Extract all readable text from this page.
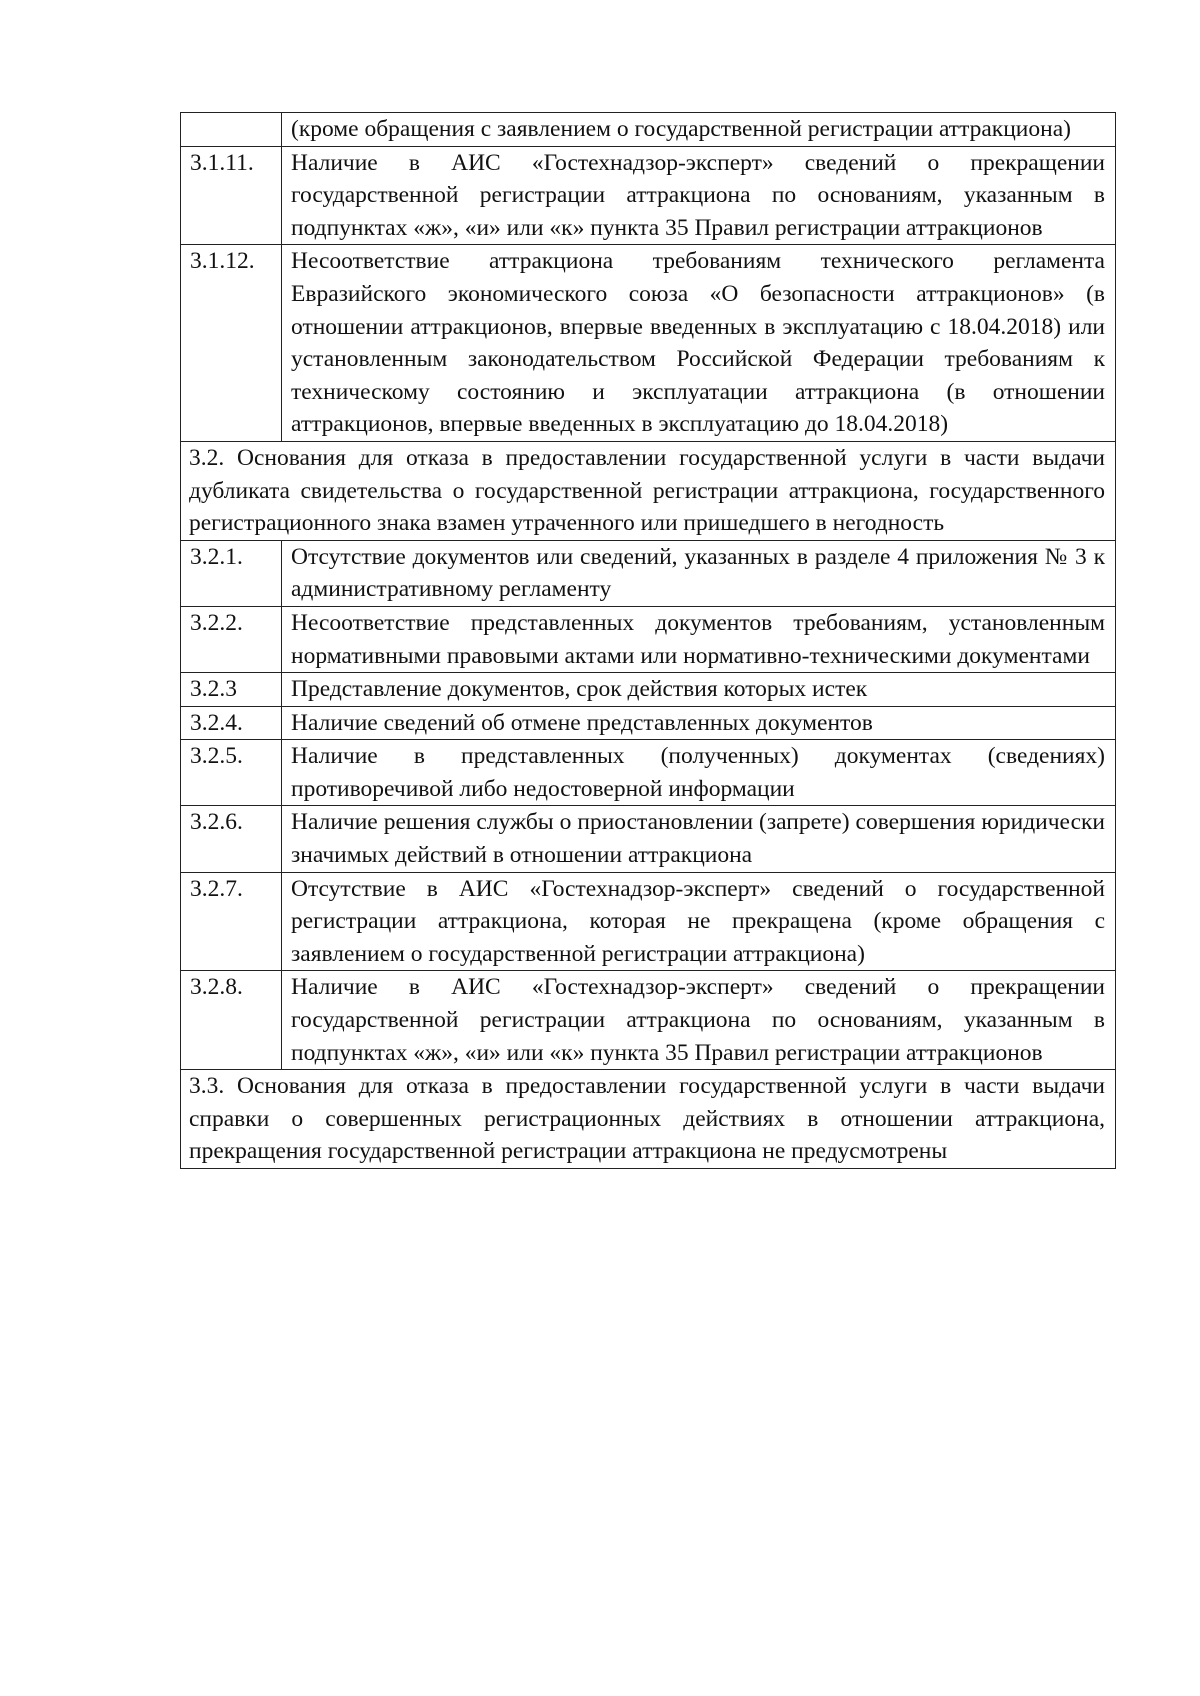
	(кроме обращения с заявлением о государственной регистрации аттракциона)
3.1.11.	Наличие в АИС «Гостехнадзор-эксперт» сведений о прекращении государственной регистрации аттракциона по основаниям, указанным в подпунктах «ж», «и» или «к» пункта 35 Правил регистрации аттракционов
3.1.12.	Несоответствие аттракциона требованиям технического регламента Евразийского экономического союза «О безопасности аттракционов» (в отношении аттракционов, впервые введенных в эксплуатацию с 18.04.2018) или установленным законодательством Российской Федерации требованиям к техническому состоянию и эксплуатации аттракциона (в отношении аттракционов, впервые введенных в эксплуатацию до 18.04.2018)
3.2. Основания для отказа в предоставлении государственной услуги в части выдачи дубликата свидетельства о государственной регистрации аттракциона, государственного регистрационного знака взамен утраченного или пришедшего в негодность	
3.2.1.	Отсутствие документов или сведений, указанных в разделе 4 приложения № 3 к административному регламенту
3.2.2.	Несоответствие представленных документов требованиям, установленным нормативными правовыми актами или нормативно-техническими документами
3.2.3	Представление документов, срок действия которых истек
3.2.4.	Наличие сведений об отмене представленных документов
3.2.5.	Наличие в представленных (полученных) документах (сведениях) противоречивой либо недостоверной информации
3.2.6.	Наличие решения службы о приостановлении (запрете) совершения юридически значимых действий в отношении аттракциона
3.2.7.	Отсутствие в АИС «Гостехнадзор-эксперт» сведений о государственной регистрации аттракциона, которая не прекращена (кроме обращения с заявлением о государственной регистрации аттракциона)
3.2.8.	Наличие в АИС «Гостехнадзор-эксперт» сведений о прекращении государственной регистрации аттракциона по основаниям, указанным в подпунктах «ж», «и» или «к» пункта 35 Правил регистрации аттракционов
3.3. Основания для отказа в предоставлении государственной услуги в части выдачи справки о совершенных регистрационных действиях в отношении аттракциона, прекращения государственной регистрации аттракциона не предусмотрены	
